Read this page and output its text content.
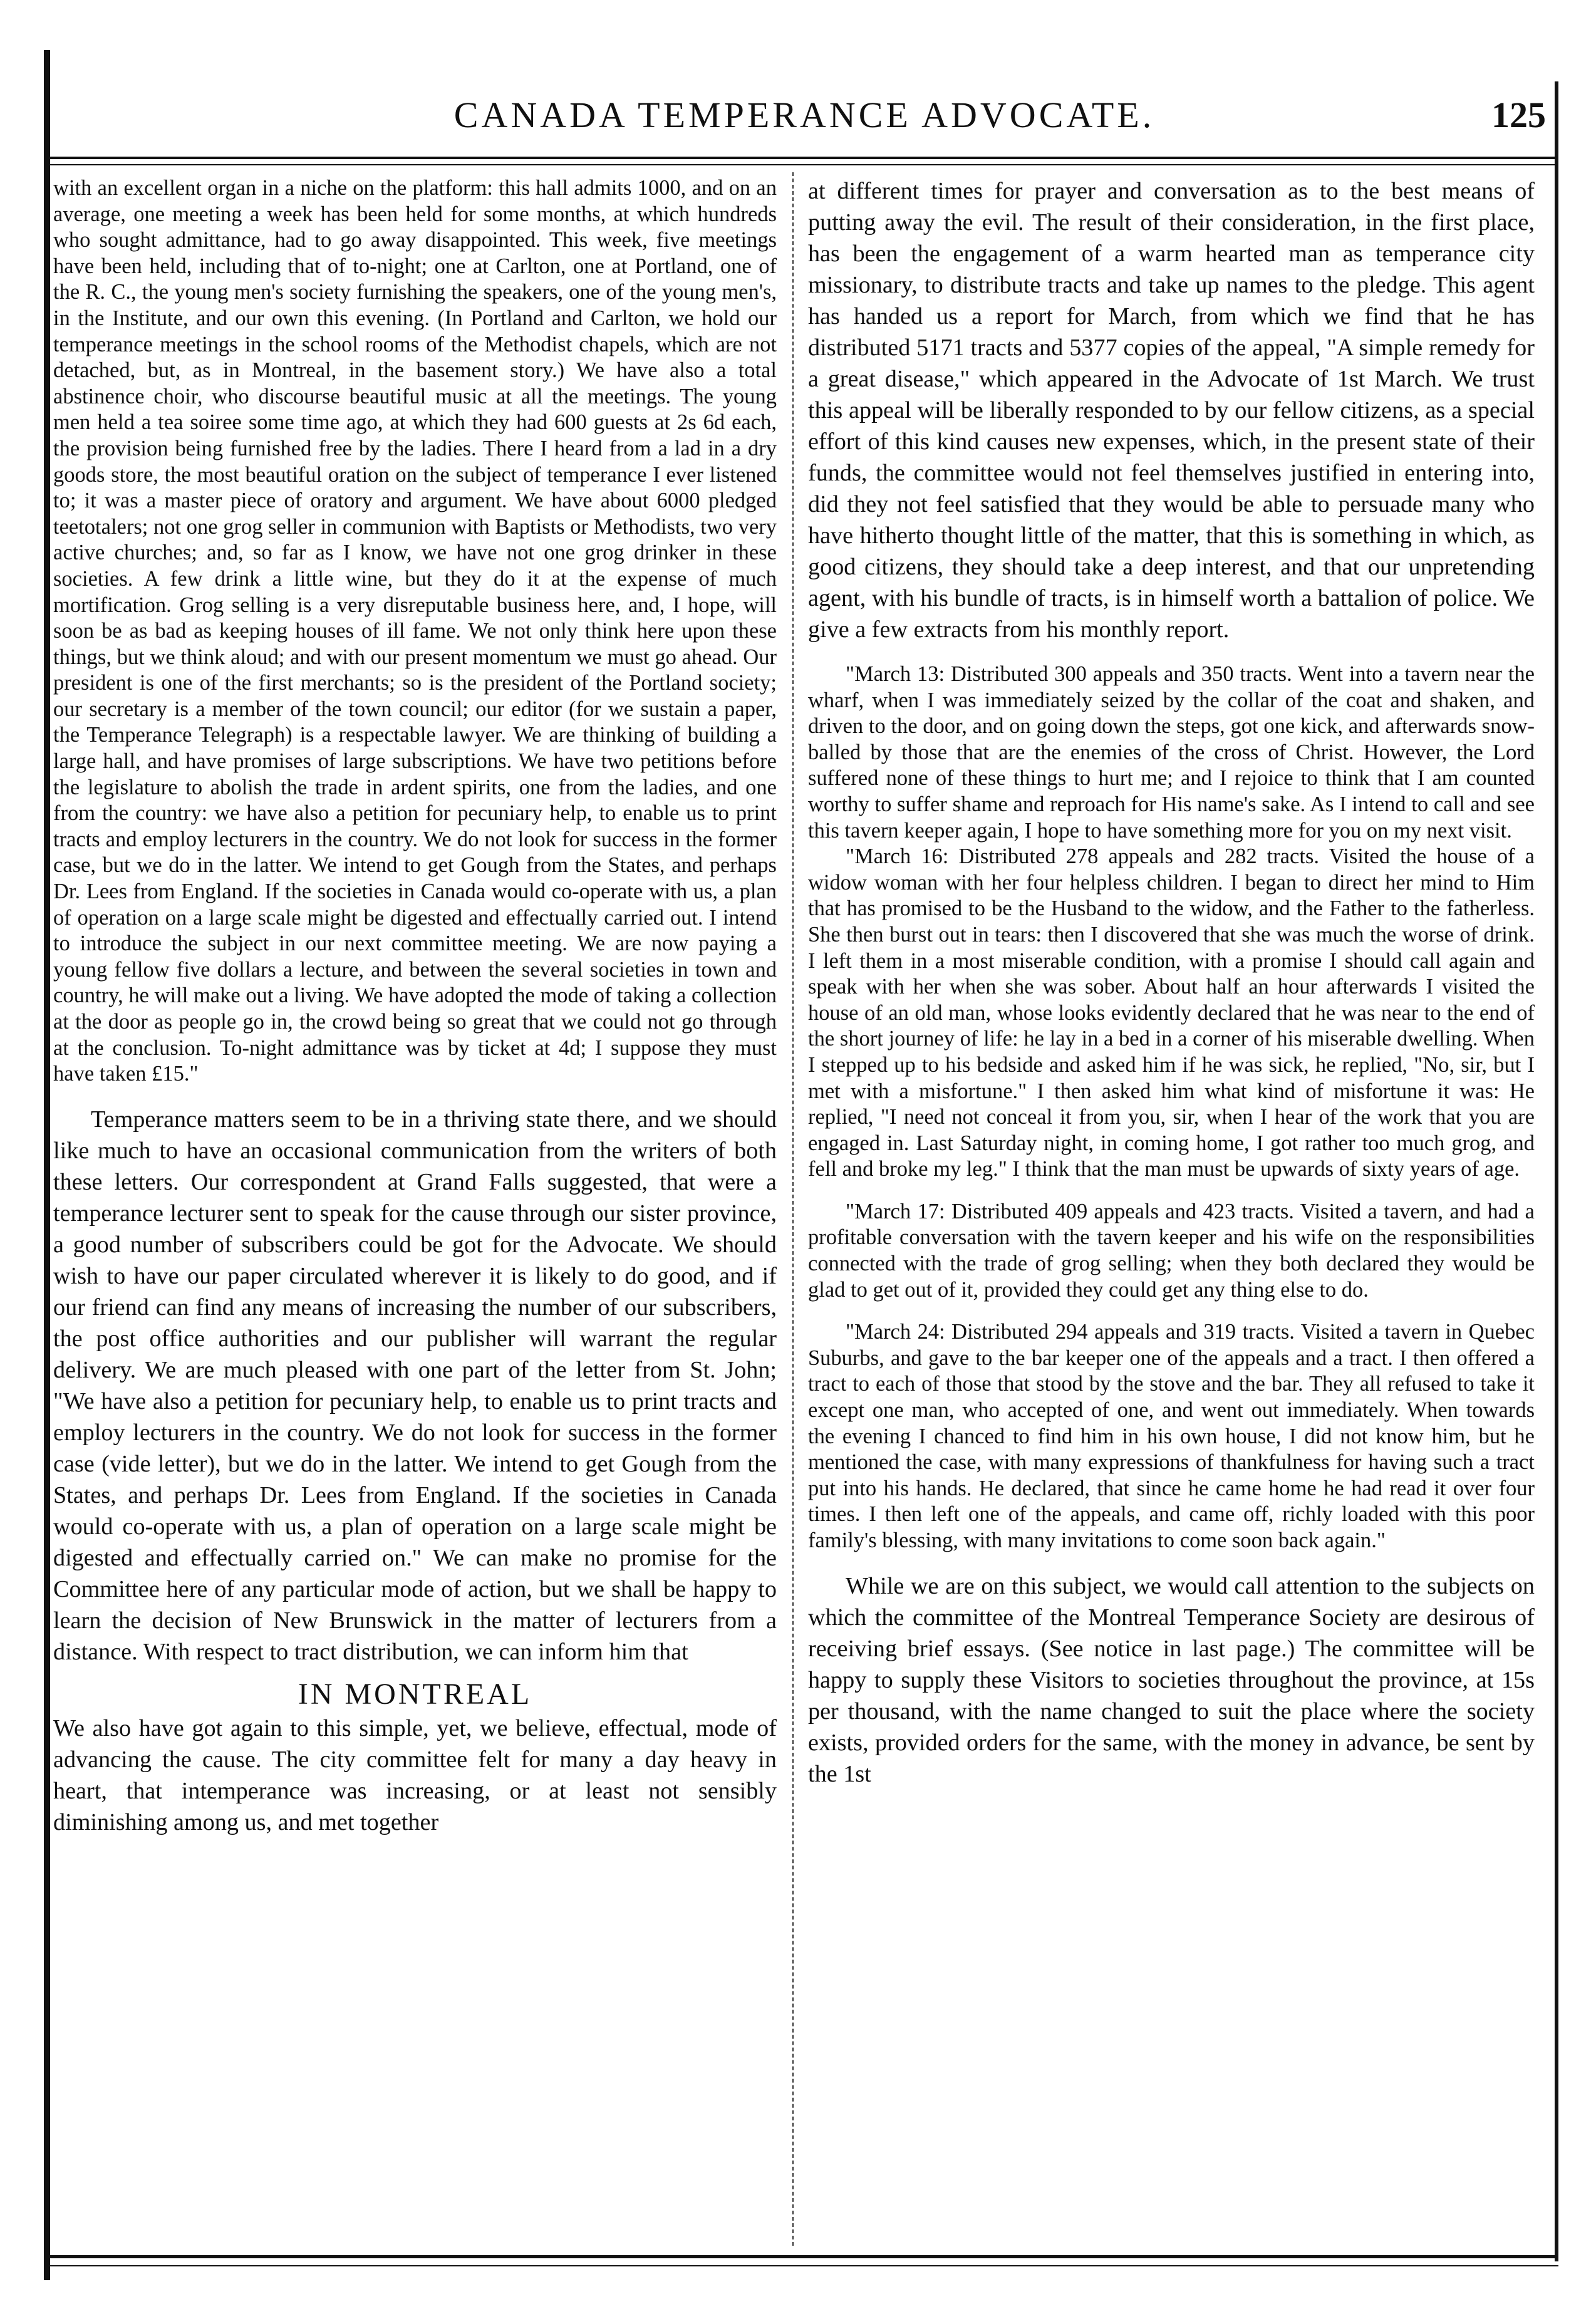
CANADA TEMPERANCE ADVOCATE.	125

with an excellent organ in a niche on the platform: this hall admits 1000, and on an average, one meeting a week has been held for some months, at which hundreds who sought admittance, had to go away disappointed. This week, five meetings have been held, including that of to-night; one at Carlton, one at Portland, one of the R. C., the young men's society furnishing the speakers, one of the young men's, in the Institute, and our own this evening. (In Portland and Carlton, we hold our temperance meetings in the school rooms of the Methodist chapels, which are not detached, but, as in Montreal, in the basement story.) We have also a total abstinence choir, who discourse beautiful music at all the meetings. The young men held a tea soiree some time ago, at which they had 600 guests at 2s 6d each, the provision being furnished free by the ladies. There I heard from a lad in a dry goods store, the most beautiful oration on the subject of temperance I ever listened to; it was a master piece of oratory and argument. We have about 6000 pledged teetotalers; not one grog seller in communion with Baptists or Methodists, two very active churches; and, so far as I know, we have not one grog drinker in these societies. A few drink a little wine, but they do it at the expense of much mortification. Grog selling is a very disreputable business here, and, I hope, will soon be as bad as keeping houses of ill fame. We not only think here upon these things, but we think aloud; and with our present momentum we must go ahead. Our president is one of the first merchants; so is the president of the Portland society; our secretary is a member of the town council; our editor (for we sustain a paper, the Temperance Telegraph) is a respectable lawyer. We are thinking of building a large hall, and have promises of large subscriptions. We have two petitions before the legislature to abolish the trade in ardent spirits, one from the ladies, and one from the country: we have also a petition for pecuniary help, to enable us to print tracts and employ lecturers in the country. We do not look for success in the former case, but we do in the latter. We intend to get Gough from the States, and perhaps Dr. Lees from England. If the societies in Canada would co-operate with us, a plan of operation on a large scale might be digested and effectually carried out. I intend to introduce the subject in our next committee meeting. We are now paying a young fellow five dollars a lecture, and between the several societies in town and country, he will make out a living. We have adopted the mode of taking a collection at the door as people go in, the crowd being so great that we could not go through at the conclusion. To-night admittance was by ticket at 4d; I suppose they must have taken £15."

Temperance matters seem to be in a thriving state there, and we should like much to have an occasional communication from the writers of both these letters. Our correspondent at Grand Falls suggested, that were a temperance lecturer sent to speak for the cause through our sister province, a good number of subscribers could be got for the Advocate. We should wish to have our paper circulated wherever it is likely to do good, and if our friend can find any means of increasing the number of our subscribers, the post office authorities and our publisher will warrant the regular delivery. We are much pleased with one part of the letter from St. John; "We have also a petition for pecuniary help, to enable us to print tracts and employ lecturers in the country. We do not look for success in the former case (vide letter), but we do in the latter. We intend to get Gough from the States, and perhaps Dr. Lees from England. If the societies in Canada would co-operate with us, a plan of operation on a large scale might be digested and effectually carried on." We can make no promise for the Committee here of any particular mode of action, but we shall be happy to learn the decision of New Brunswick in the matter of lecturers from a distance. With respect to tract distribution, we can inform him that

IN MONTREAL

We also have got again to this simple, yet, we believe, effectual, mode of advancing the cause. The city committee felt for many a day heavy in heart, that intemperance was increasing, or at least not sensibly diminishing among us, and met together

at different times for prayer and conversation as to the best means of putting away the evil. The result of their consideration, in the first place, has been the engagement of a warm hearted man as temperance city missionary, to distribute tracts and take up names to the pledge. This agent has handed us a report for March, from which we find that he has distributed 5171 tracts and 5377 copies of the appeal, "A simple remedy for a great disease," which appeared in the Advocate of 1st March. We trust this appeal will be liberally responded to by our fellow citizens, as a special effort of this kind causes new expenses, which, in the present state of their funds, the committee would not feel themselves justified in entering into, did they not feel satisfied that they would be able to persuade many who have hitherto thought little of the matter, that this is something in which, as good citizens, they should take a deep interest, and that our unpretending agent, with his bundle of tracts, is in himself worth a battalion of police. We give a few extracts from his monthly report.

"March 13: Distributed 300 appeals and 350 tracts. Went into a tavern near the wharf, when I was immediately seized by the collar of the coat and shaken, and driven to the door, and on going down the steps, got one kick, and afterwards snow-balled by those that are the enemies of the cross of Christ. However, the Lord suffered none of these things to hurt me; and I rejoice to think that I am counted worthy to suffer shame and reproach for His name's sake. As I intend to call and see this tavern keeper again, I hope to have something more for you on my next visit.

"March 16: Distributed 278 appeals and 282 tracts. Visited the house of a widow woman with her four helpless children. I began to direct her mind to Him that has promised to be the Husband to the widow, and the Father to the fatherless. She then burst out in tears: then I discovered that she was much the worse of drink. I left them in a most miserable condition, with a promise I should call again and speak with her when she was sober. About half an hour afterwards I visited the house of an old man, whose looks evidently declared that he was near to the end of the short journey of life: he lay in a bed in a corner of his miserable dwelling. When I stepped up to his bedside and asked him if he was sick, he replied, "No, sir, but I met with a misfortune." I then asked him what kind of misfortune it was: He replied, "I need not conceal it from you, sir, when I hear of the work that you are engaged in. Last Saturday night, in coming home, I got rather too much grog, and fell and broke my leg." I think that the man must be upwards of sixty years of age.

"March 17: Distributed 409 appeals and 423 tracts. Visited a tavern, and had a profitable conversation with the tavern keeper and his wife on the responsibilities connected with the trade of grog selling; when they both declared they would be glad to get out of it, provided they could get any thing else to do.

"March 24: Distributed 294 appeals and 319 tracts. Visited a tavern in Quebec Suburbs, and gave to the bar keeper one of the appeals and a tract. I then offered a tract to each of those that stood by the stove and the bar. They all refused to take it except one man, who accepted of one, and went out immediately. When towards the evening I chanced to find him in his own house, I did not know him, but he mentioned the case, with many expressions of thankfulness for having such a tract put into his hands. He declared, that since he came home he had read it over four times. I then left one of the appeals, and came off, richly loaded with this poor family's blessing, with many invitations to come soon back again."

While we are on this subject, we would call attention to the subjects on which the committee of the Montreal Temperance Society are desirous of receiving brief essays. (See notice in last page.) The committee will be happy to supply these Visitors to societies throughout the province, at 15s per thousand, with the name changed to suit the place where the society exists, provided orders for the same, with the money in advance, be sent by the 1st
